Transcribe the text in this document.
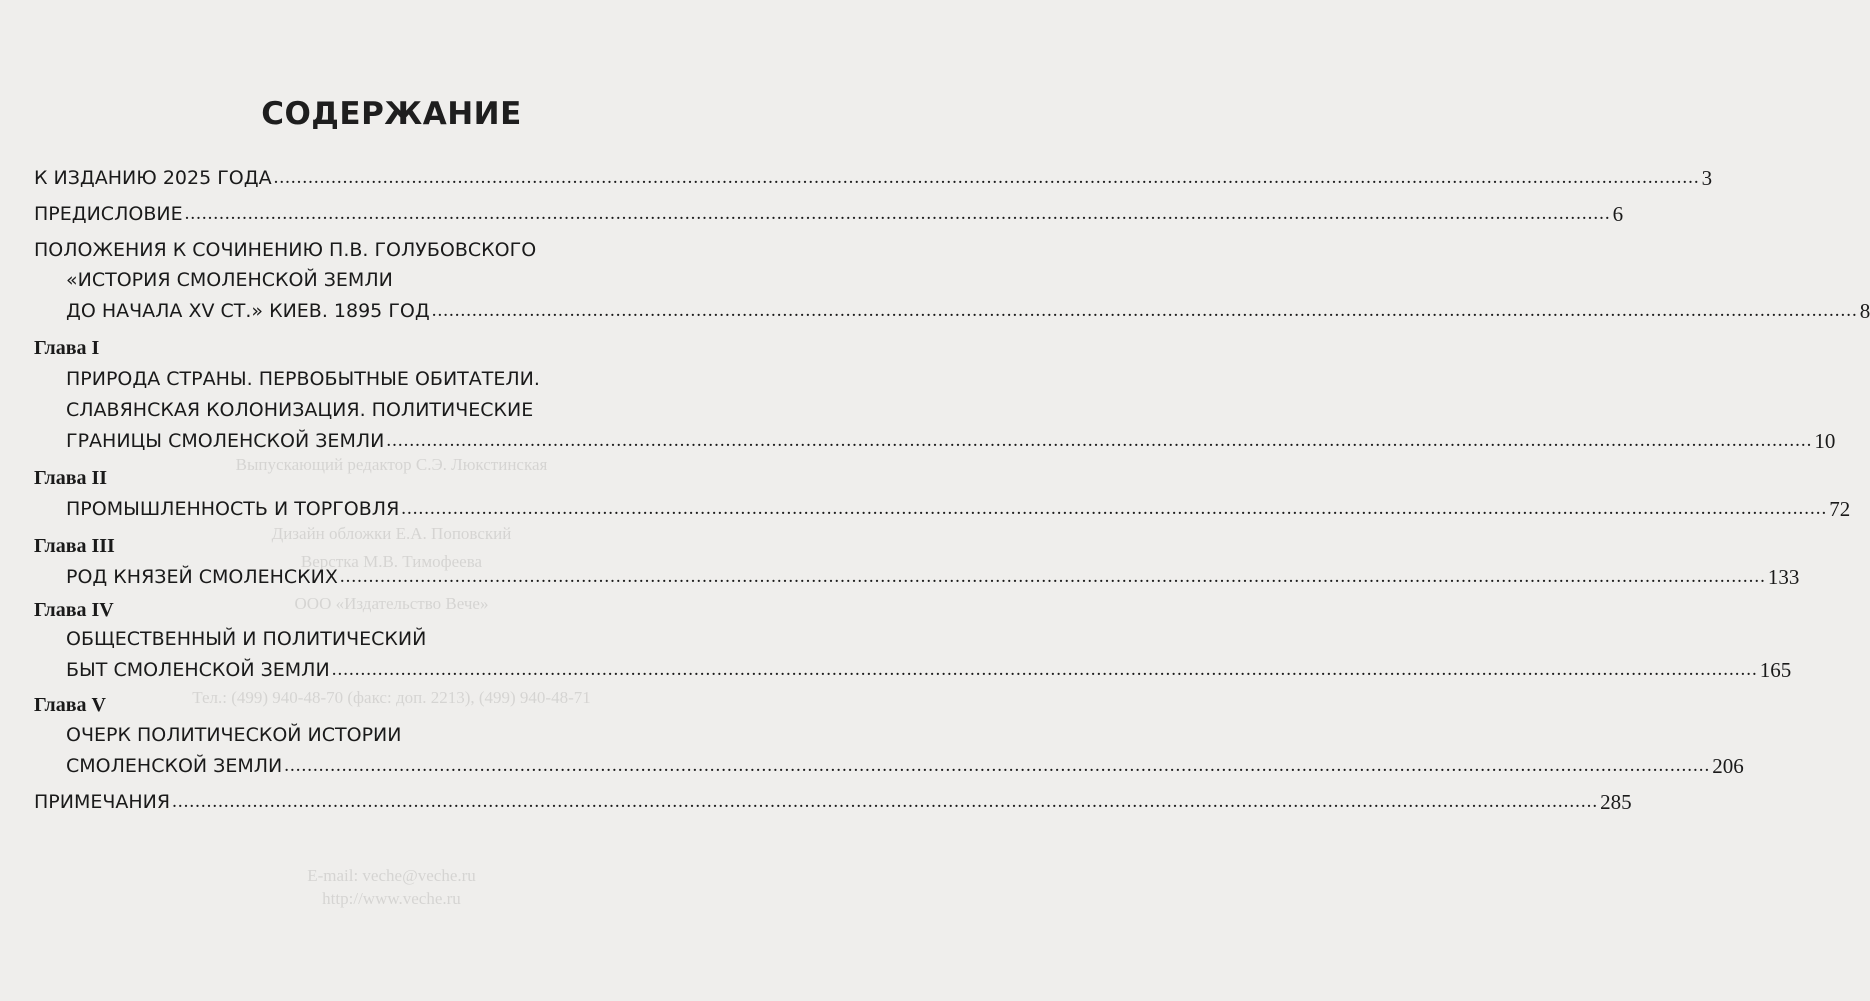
Выпускающий редактор С.Э. Люкстинская
Дизайн обложки Е.А. Поповский
Верстка М.В. Тимофеева
ООО «Издательство Вече»
Тел.: (499) 940-48-70 (факс: доп. 2213), (499) 940-48-71
E-mail: veche@veche.ru
http://www.veche.ru
СОДЕРЖАНИЕ
К ИЗДАНИЮ 2025 ГОДА ........................................................................................................................................................................................................................................................ 3
ПРЕДИСЛОВИЕ ........................................................................................................................................................................................................................................................ 6
ПОЛОЖЕНИЯ К СОЧИНЕНИЮ П.В. ГОЛУБОВСКОГО
«ИСТОРИЯ СМОЛЕНСКОЙ ЗЕМЛИ
ДО НАЧАЛА XV СТ.» КИЕВ. 1895 ГОД ........................................................................................................................................................................................................................................................ 8
Глава I
ПРИРОДА СТРАНЫ. ПЕРВОБЫТНЫЕ ОБИТАТЕЛИ.
СЛАВЯНСКАЯ КОЛОНИЗАЦИЯ. ПОЛИТИЧЕСКИЕ
ГРАНИЦЫ СМОЛЕНСКОЙ ЗЕМЛИ ........................................................................................................................................................................................................................................................ 10
Глава II
ПРОМЫШЛЕННОСТЬ И ТОРГОВЛЯ ........................................................................................................................................................................................................................................................ 72
Глава III
РОД КНЯЗЕЙ СМОЛЕНСКИХ ........................................................................................................................................................................................................................................................ 133
Глава IV
ОБЩЕСТВЕННЫЙ И ПОЛИТИЧЕСКИЙ
БЫТ СМОЛЕНСКОЙ ЗЕМЛИ ........................................................................................................................................................................................................................................................ 165
Глава V
ОЧЕРК ПОЛИТИЧЕСКОЙ ИСТОРИИ
СМОЛЕНСКОЙ ЗЕМЛИ ........................................................................................................................................................................................................................................................ 206
ПРИМЕЧАНИЯ ........................................................................................................................................................................................................................................................ 285
